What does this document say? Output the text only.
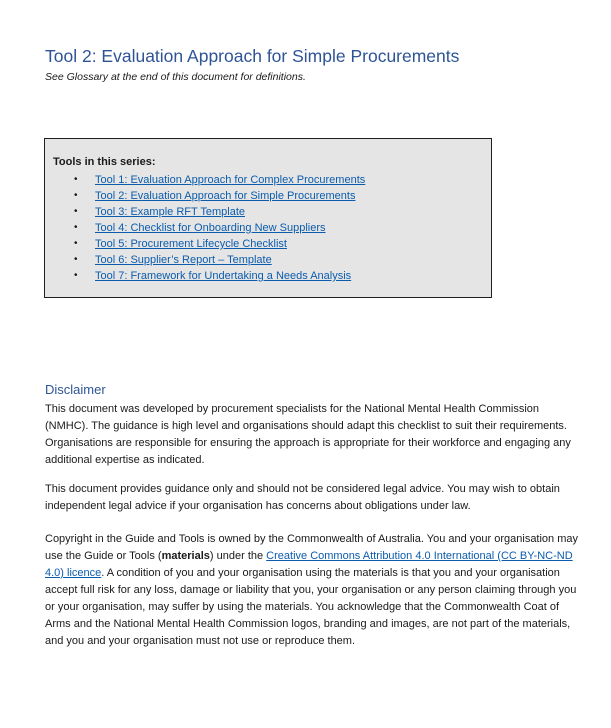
Tool 2: Evaluation Approach for Simple Procurements
See Glossary at the end of this document for definitions.
Tools in this series:
• Tool 1: Evaluation Approach for Complex Procurements
• Tool 2: Evaluation Approach for Simple Procurements
• Tool 3: Example RFT Template
• Tool 4: Checklist for Onboarding New Suppliers
• Tool 5: Procurement Lifecycle Checklist
• Tool 6: Supplier’s Report – Template
• Tool 7: Framework for Undertaking a Needs Analysis
Disclaimer

This document was developed by procurement specialists for the National Mental Health Commission (NMHC). The guidance is high level and organisations should adapt this checklist to suit their requirements. Organisations are responsible for ensuring the approach is appropriate for their workforce and engaging any additional expertise as indicated.

This document provides guidance only and should not be considered legal advice. You may wish to obtain independent legal advice if your organisation has concerns about obligations under law.

Copyright in the Guide and Tools is owned by the Commonwealth of Australia. You and your organisation may use the Guide or Tools (materials) under the Creative Commons Attribution 4.0 International (CC BY-NC-ND 4.0) licence. A condition of you and your organisation using the materials is that you and your organisation accept full risk for any loss, damage or liability that you, your organisation or any person claiming through you or your organisation, may suffer by using the materials. You acknowledge that the Commonwealth Coat of Arms and the National Mental Health Commission logos, branding and images, are not part of the materials, and you and your organisation must not use or reproduce them.
